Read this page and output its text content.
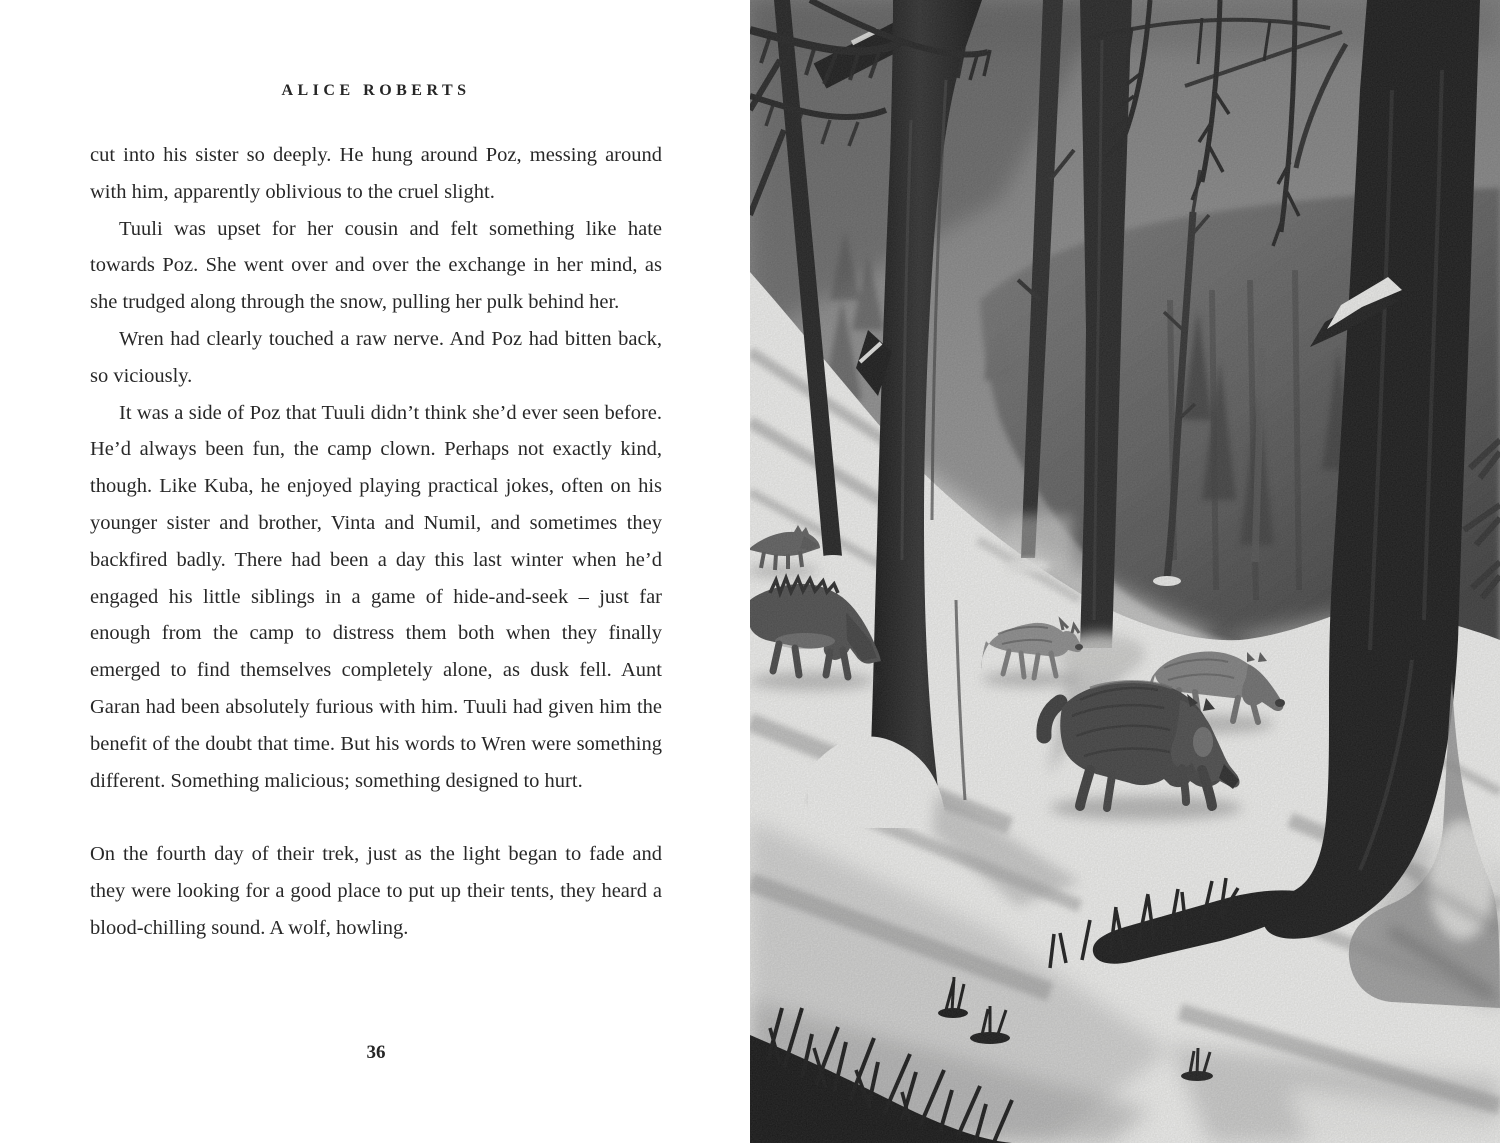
ALICE ROBERTS

cut into his sister so deeply. He hung around Poz, messing around with him, apparently oblivious to the cruel slight.

Tuuli was upset for her cousin and felt something like hate towards Poz. She went over and over the exchange in her mind, as she trudged along through the snow, pulling her pulk behind her.

Wren had clearly touched a raw nerve. And Poz had bitten back, so viciously.

It was a side of Poz that Tuuli didn’t think she’d ever seen before. He’d always been fun, the camp clown. Perhaps not exactly kind, though. Like Kuba, he enjoyed playing practical jokes, often on his younger sister and brother, Vinta and Numil, and sometimes they backfired badly. There had been a day this last winter when he’d engaged his little siblings in a game of hide-and-seek – just far enough from the camp to distress them both when they finally emerged to find themselves completely alone, as dusk fell. Aunt Garan had been absolutely furious with him. Tuuli had given him the benefit of the doubt that time. But his words to Wren were something different. Something malicious; something designed to hurt.

On the fourth day of their trek, just as the light began to fade and they were looking for a good place to put up their tents, they heard a blood-chilling sound. A wolf, howling.

36
